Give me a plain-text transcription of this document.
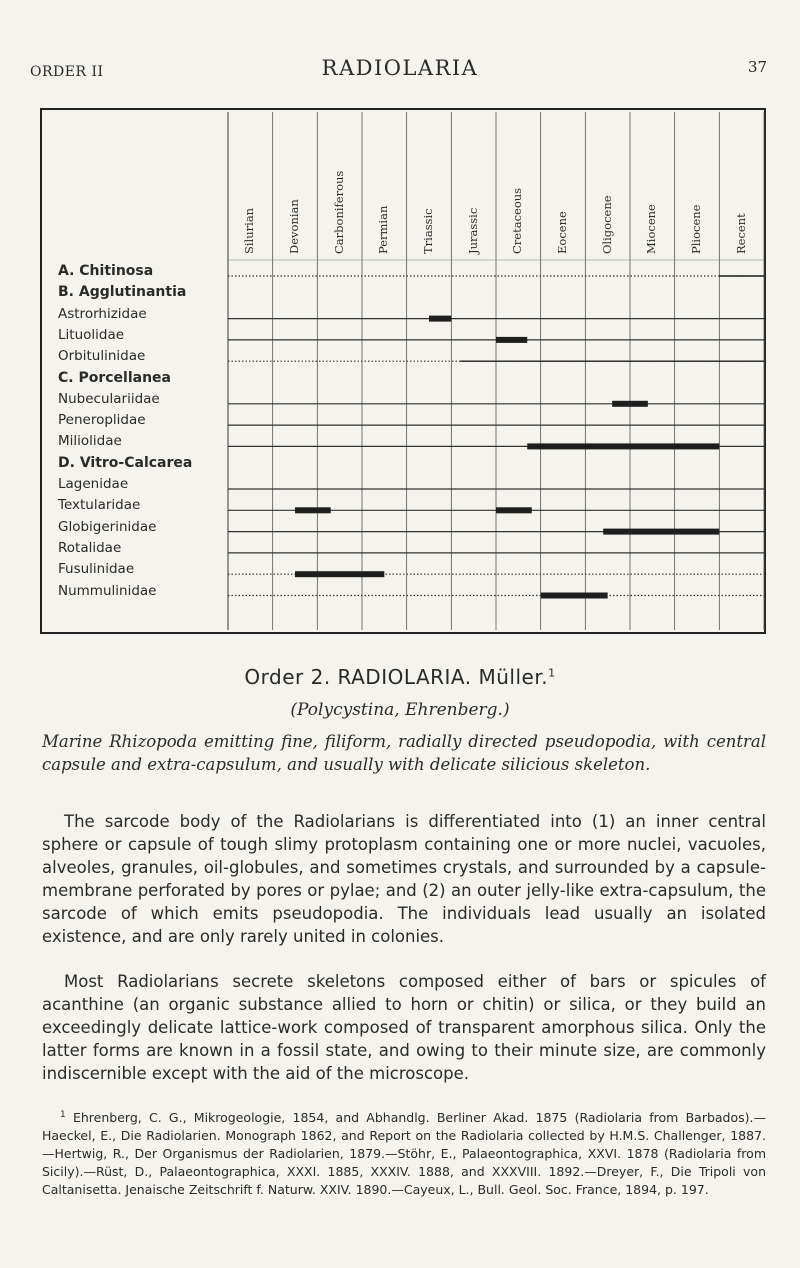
ORDER II	RADIOLARIA	37
Silurian	Devonian	Carboniferous	Permian	Triassic	Jurassic	Cretaceous	Eocene	Oligocene	Miocene	Pliocene	Recent
A. Chitinosa
B. Agglutinantia
Astrorhizidae
Lituolidae
Orbitulinidae
C. Porcellanea
Nubeculariidae
Peneroplidae
Miliolidae
D. Vitro-Calcarea
Lagenidae
Textularidae
Globigerinidae
Rotalidae
Fusulinidae
Nummulinidae
Order 2. RADIOLARIA. Müller.$^1$
(Polycystina, Ehrenberg.)
Marine Rhizopoda emitting fine, filiform, radially directed pseudopodia, with central capsule and extra-capsulum, and usually with delicate silicious skeleton.
The sarcode body of the Radiolarians is differentiated into (1) an inner central sphere or capsule of tough slimy protoplasm containing one or more nuclei, vacuoles, alveoles, granules, oil-globules, and sometimes crystals, and surrounded by a capsule-membrane perforated by pores or pylae; and (2) an outer jelly-like extra-capsulum, the sarcode of which emits pseudopodia. The individuals lead usually an isolated existence, and are only rarely united in colonies.
Most Radiolarians secrete skeletons composed either of bars or spicules of acanthine (an organic substance allied to horn or chitin) or silica, or they build an exceedingly delicate lattice-work composed of transparent amorphous silica. Only the latter forms are known in a fossil state, and owing to their minute size, are commonly indiscernible except with the aid of the microscope.
$^1$ Ehrenberg, C. G., Mikrogeologie, 1854, and Abhandlg. Berliner Akad. 1875 (Radiolaria from Barbados).—Haeckel, E., Die Radiolarien. Monograph 1862, and Report on the Radiolaria collected by H.M.S. Challenger, 1887.—Hertwig, R., Der Organismus der Radiolarien, 1879.—Stöhr, E., Palaeontographica, XXVI. 1878 (Radiolaria from Sicily).—Rüst, D., Palaeontographica, XXXI. 1885, XXXIV. 1888, and XXXVIII. 1892.—Dreyer, F., Die Tripoli von Caltanisetta. Jenaische Zeitschrift f. Naturw. XXIV. 1890.—Cayeux, L., Bull. Geol. Soc. France, 1894, p. 197.
